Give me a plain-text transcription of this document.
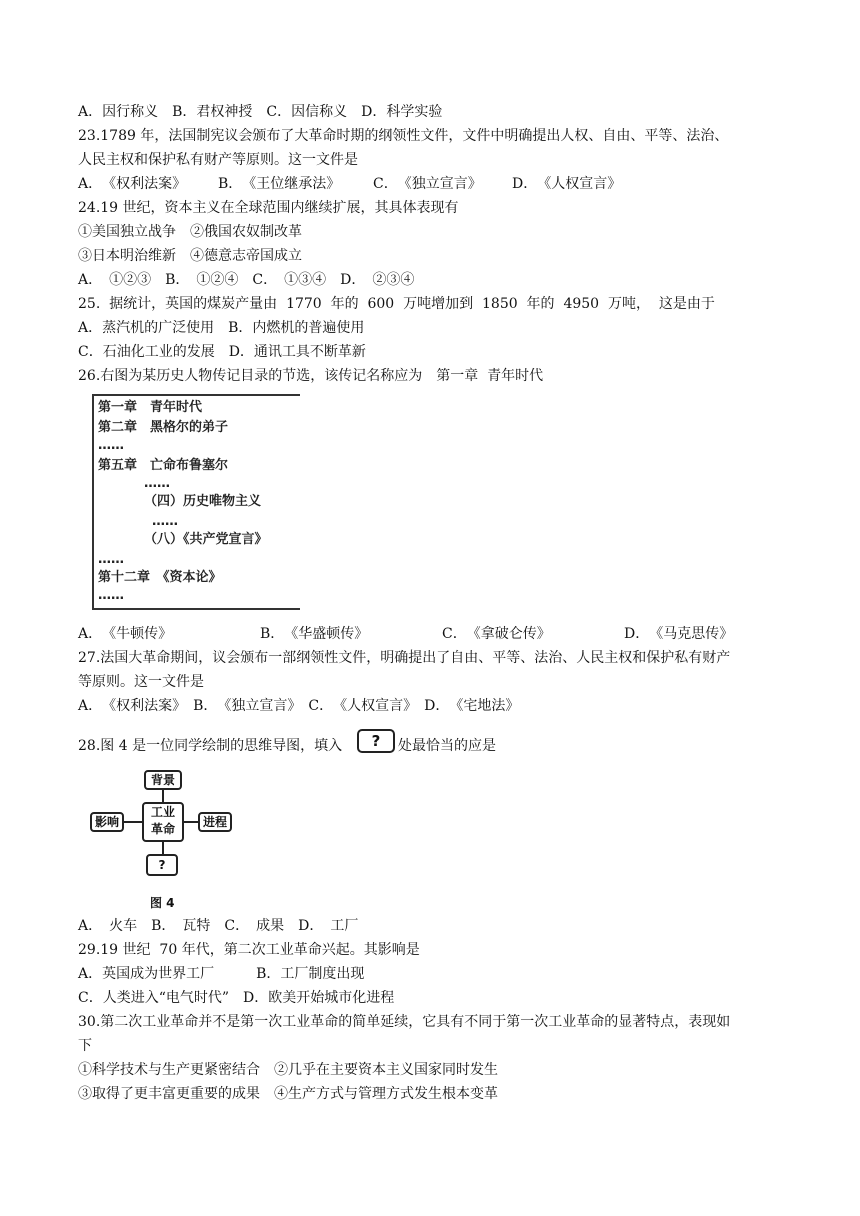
A．因行称义　B．君权神授　C．因信称义　D．科学实验
23.1789 年，法国制宪议会颁布了大革命时期的纲领性文件，文件中明确提出人权、自由、平等、法治、
人民主权和保护私有财产等原则。这一文件是

A．　《权利法案》

B．　《王位继承法》

C．　《独立宣言》

D．　《人权宣言》

24.19 世纪，资本主义在全球范围内继续扩展，其具体表现有
①美国独立战争　②俄国农奴制改革
③日本明治维新　④德意志帝国成立
A．　①②③　B．　①②④　C．　①③④　D．　②③④
25.  据统计，英国的煤炭产量由  1770  年的  600  万吨增加到  1850  年的  4950  万吨，  这是由于
A．蒸汽机的广泛使用　B．内燃机的普遍使用
C．石油化工业的发展　D．通讯工具不断革新
26.右图为某历史人物传记目录的节选，该传记名称应为　第一章  青年时代
第一章　青年时代
第二章　黑格尔的弟子
……
第五章　亡命布鲁塞尔
……
（四）历史唯物主义
……
（八）《共产党宣言》
……
第十二章　《资本论》
……

A．　《牛顿传》

	B．　《华盛顿传》

	C．　《拿破仑传》

	D．　《马克思传》

27.法国大革命期间，议会颁布一部纲领性文件，明确提出了自由、平等、法治、人民主权和保护私有财产
等原则。这一文件是
A．　《权利法案》　B．　《独立宣言》　C．　《人权宣言》　D．　《宅地法》
28.图 4 是一位同学绘制的思维导图，填入	?	处最恰当的应是
背景
工业
革命
影响	进程
?
图 4
A．　火车　B．　瓦特　C．　成果　D．　工厂
29.19 世纪  70 年代，第二次工业革命兴起。其影响是
A．英国成为世界工厂　　　B．工厂制度出现
C．人类进入“电气时代”　D．欧美开始城市化进程
30.第二次工业革命并不是第一次工业革命的简单延续，它具有不同于第一次工业革命的显著特点，表现如
下
①科学技术与生产更紧密结合　②几乎在主要资本主义国家同时发生
③取得了更丰富更重要的成果　④生产方式与管理方式发生根本变革
